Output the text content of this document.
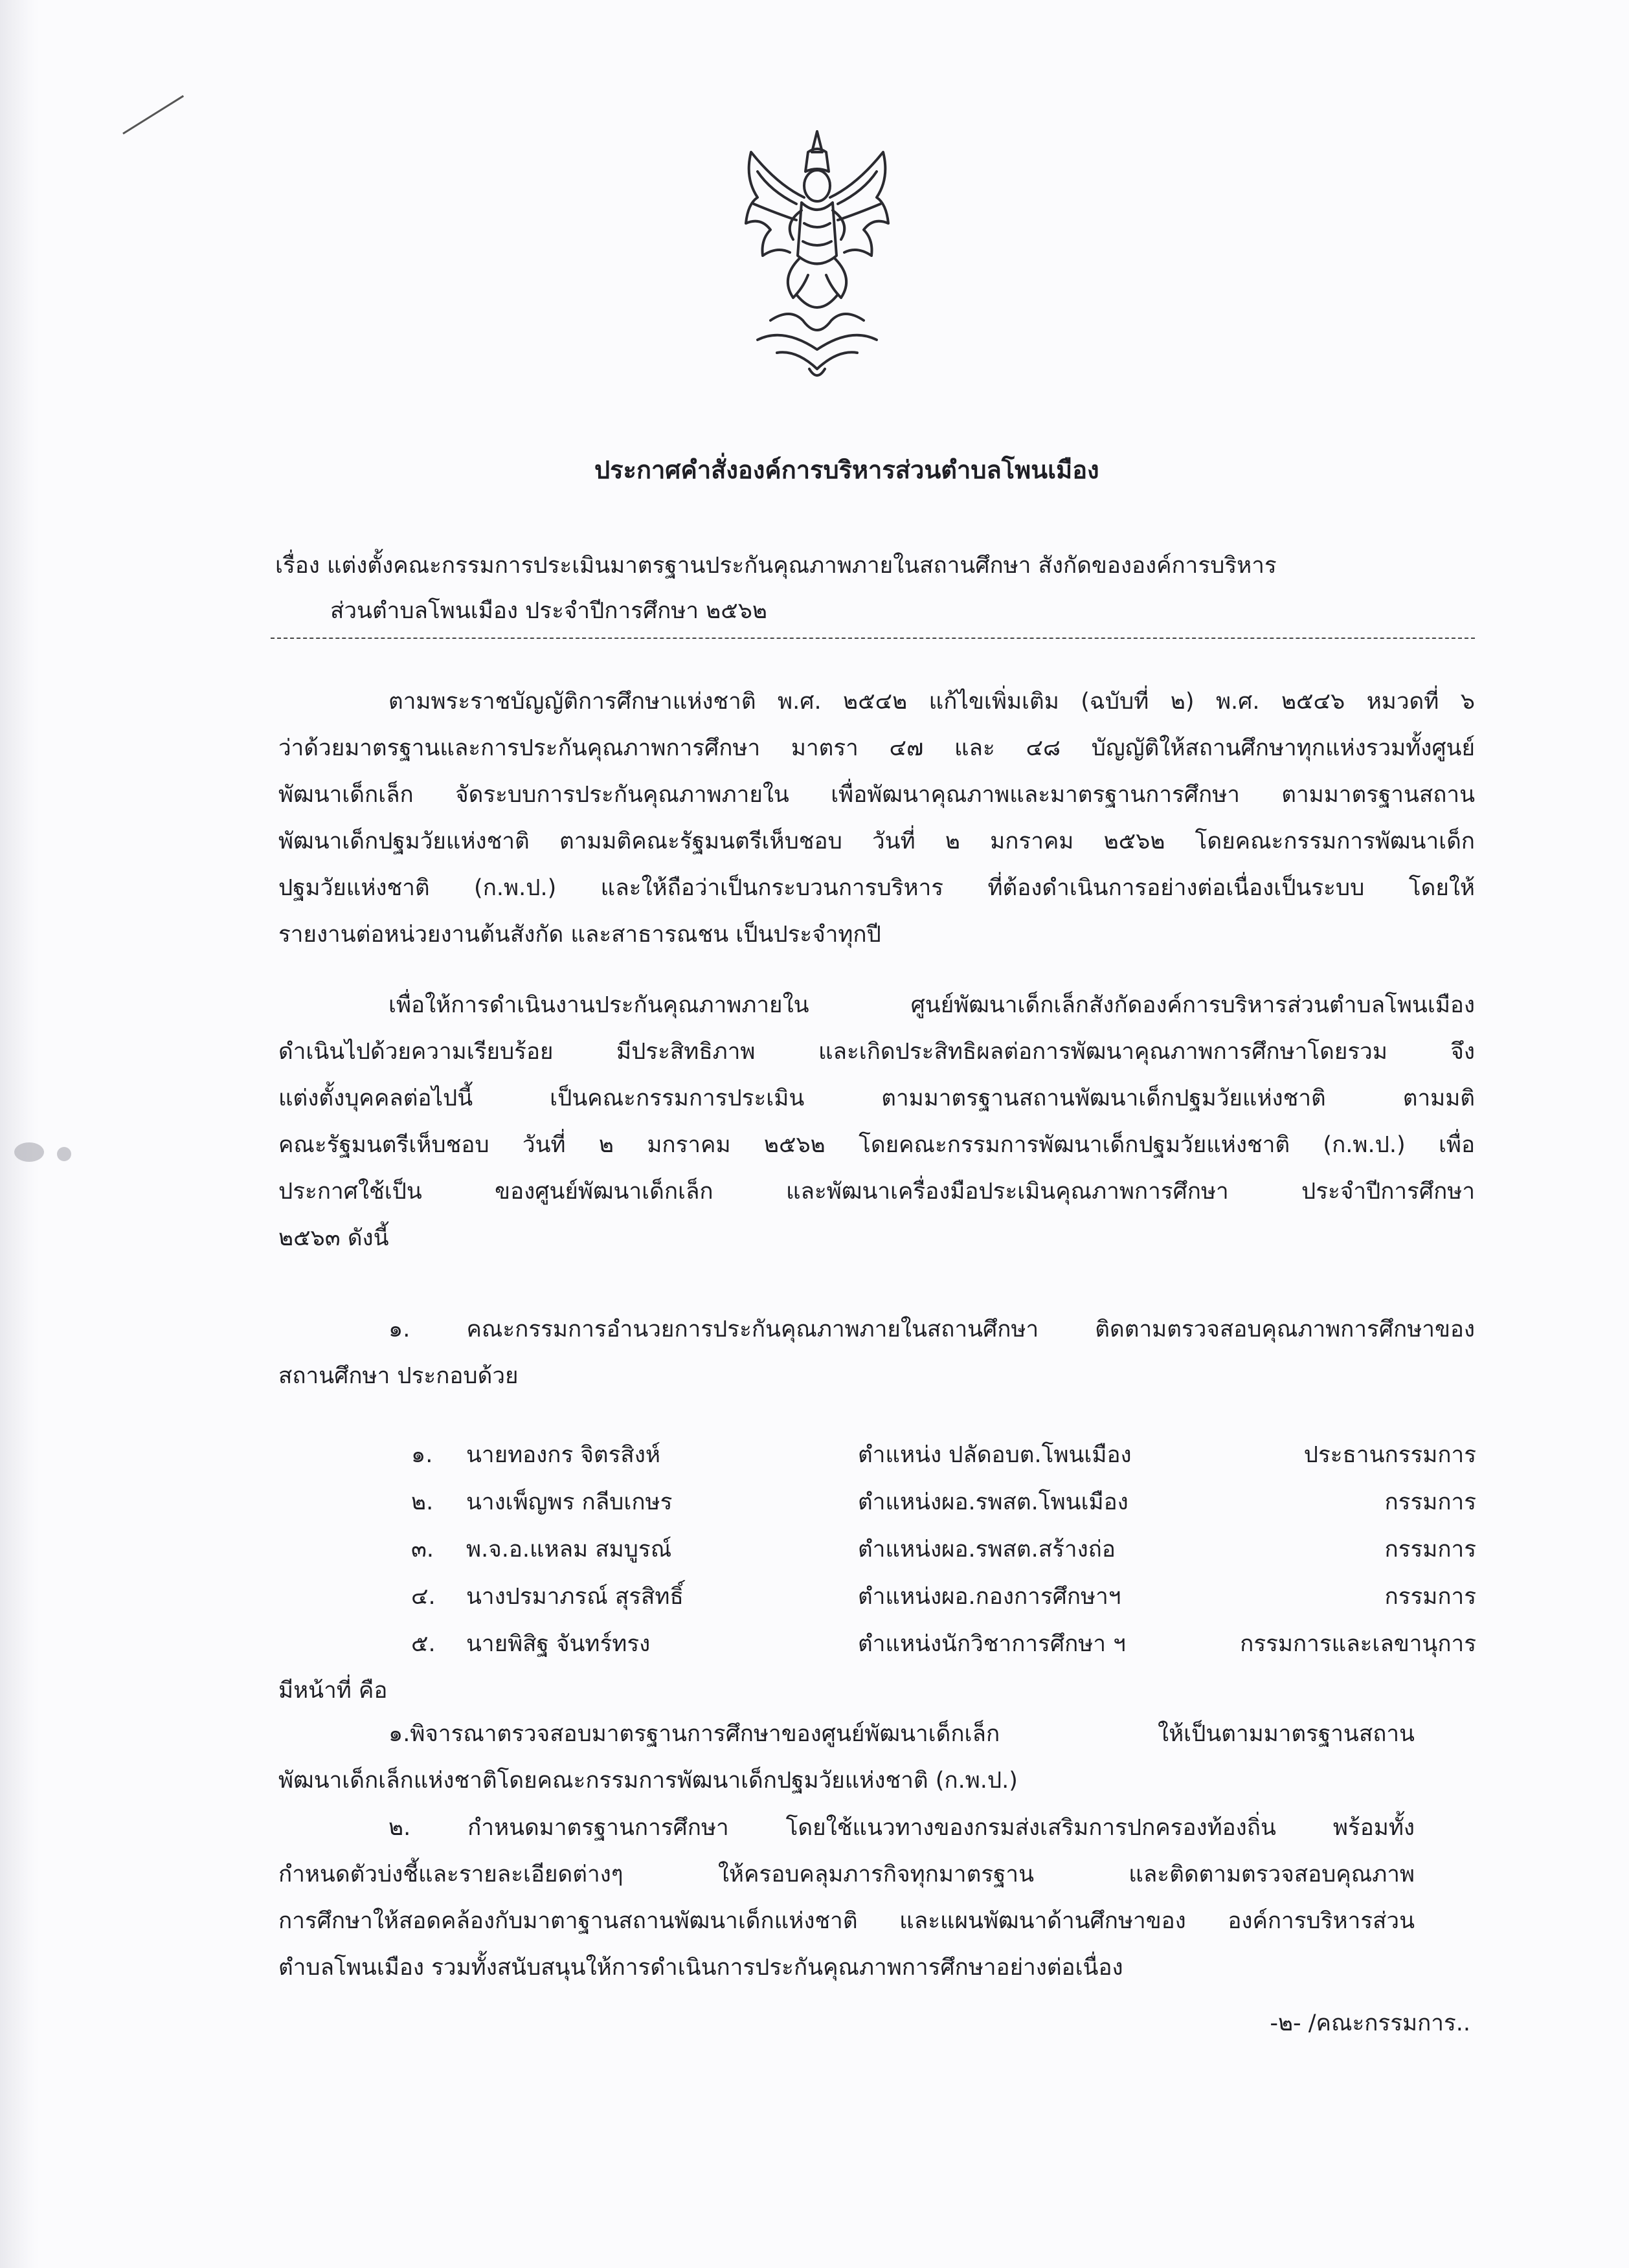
ประกาศคำสั่งองค์การบริหารส่วนตำบลโพนเมือง
เรื่อง แต่งตั้งคณะกรรมการประเมินมาตรฐานประกันคุณภาพภายในสถานศึกษา สังกัดขององค์การบริหาร
ส่วนตำบลโพนเมือง ประจำปีการศึกษา ๒๕๖๒
ตามพระราชบัญญัติการศึกษาแห่งชาติ พ.ศ. ๒๕๔๒ แก้ไขเพิ่มเติม (ฉบับที่ ๒) พ.ศ. ๒๕๔๖ หมวดที่ ๖
ว่าด้วยมาตรฐานและการประกันคุณภาพการศึกษา มาตรา ๔๗ และ ๔๘ บัญญัติให้สถานศึกษาทุกแห่งรวมทั้งศูนย์
พัฒนาเด็กเล็ก จัดระบบการประกันคุณภาพภายใน เพื่อพัฒนาคุณภาพและมาตรฐานการศึกษา ตามมาตรฐานสถาน
พัฒนาเด็กปฐมวัยแห่งชาติ ตามมติคณะรัฐมนตรีเห็บชอบ วันที่ ๒ มกราคม ๒๕๖๒ โดยคณะกรรมการพัฒนาเด็ก
ปฐมวัยแห่งชาติ (ก.พ.ป.) และให้ถือว่าเป็นกระบวนการบริหาร ที่ต้องดำเนินการอย่างต่อเนื่องเป็นระบบ โดยให้
รายงานต่อหน่วยงานต้นสังกัด และสาธารณชน เป็นประจำทุกปี
เพื่อให้การดำเนินงานประกันคุณภาพภายใน ศูนย์พัฒนาเด็กเล็กสังกัดองค์การบริหารส่วนตำบลโพนเมือง
ดำเนินไปด้วยความเรียบร้อย มีประสิทธิภาพ และเกิดประสิทธิผลต่อการพัฒนาคุณภาพการศึกษาโดยรวม จึง
แต่งตั้งบุคคลต่อไปนี้ เป็นคณะกรรมการประเมิน ตามมาตรฐานสถานพัฒนาเด็กปฐมวัยแห่งชาติ ตามมติ
คณะรัฐมนตรีเห็บชอบ วันที่ ๒ มกราคม ๒๕๖๒ โดยคณะกรรมการพัฒนาเด็กปฐมวัยแห่งชาติ (ก.พ.ป.) เพื่อ
ประกาศใช้เป็น ของศูนย์พัฒนาเด็กเล็ก และพัฒนาเครื่องมือประเมินคุณภาพการศึกษา ประจำปีการศึกษา
๒๕๖๓ ดังนี้
๑. คณะกรรมการอำนวยการประกันคุณภาพภายในสถานศึกษา ติดตามตรวจสอบคุณภาพการศึกษาของ
สถานศึกษา ประกอบด้วย
๑. นายทองกร จิตรสิงห์	ตำแหน่ง ปลัดอบต.โพนเมือง	ประธานกรรมการ
๒. นางเพ็ญพร กลีบเกษร	ตำแหน่งผอ.รพสต.โพนเมือง	กรรมการ
๓. พ.จ.อ.แหลม สมบูรณ์	ตำแหน่งผอ.รพสต.สร้างถ่อ	กรรมการ
๔. นางปรมาภรณ์ สุรสิทธิ์	ตำแหน่งผอ.กองการศึกษาฯ	กรรมการ
๕. นายพิสิฐ จันทร์ทรง	ตำแหน่งนักวิชาการศึกษา ฯ	กรรมการและเลขานุการ
มีหน้าที่ คือ
๑.พิจารณาตรวจสอบมาตรฐานการศึกษาของศูนย์พัฒนาเด็กเล็ก ให้เป็นตามมาตรฐานสถาน
พัฒนาเด็กเล็กแห่งชาติโดยคณะกรรมการพัฒนาเด็กปฐมวัยแห่งชาติ (ก.พ.ป.)
๒. กำหนดมาตรฐานการศึกษา โดยใช้แนวทางของกรมส่งเสริมการปกครองท้องถิ่น พร้อมทั้ง
กำหนดตัวบ่งชี้และรายละเอียดต่างๆ ให้ครอบคลุมภารกิจทุกมาตรฐาน และติดตามตรวจสอบคุณภาพ
การศึกษาให้สอดคล้องกับมาตาฐานสถานพัฒนาเด็กแห่งชาติ และแผนพัฒนาด้านศึกษาของ องค์การบริหารส่วน
ตำบลโพนเมือง รวมทั้งสนับสนุนให้การดำเนินการประกันคุณภาพการศึกษาอย่างต่อเนื่อง
-๒- /คณะกรรมการ..
